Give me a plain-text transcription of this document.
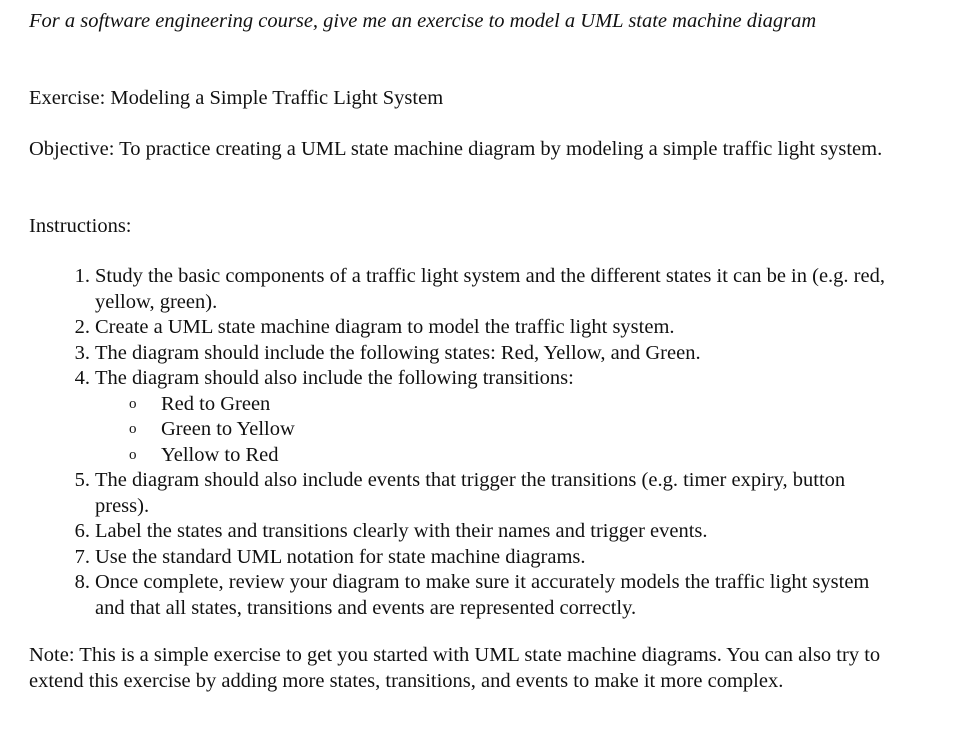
For a software engineering course, give me an exercise to model a UML state machine diagram

Exercise: Modeling a Simple Traffic Light System

Objective: To practice creating a UML state machine diagram by modeling a simple traffic light system.

Instructions:

1 . Study the basic components of a traffic light system and the different states it can be in (e.g. red, yellow, green).
2 . Create a UML state machine diagram to model the traffic light system.
3 . The diagram should include the following states: Red, Yellow, and Green.
4 . The diagram should also include the following transitions:
o Red to Green
o Green to Yellow
o Yellow to Red
5 . The diagram should also include events that trigger the transitions (e.g. timer expiry, button press).
6 . Label the states and transitions clearly with their names and trigger events.
7 . Use the standard UML notation for state machine diagrams.
8 . Once complete, review your diagram to make sure it accurately models the traffic light system and that all states, transitions and events are represented correctly.

Note: This is a simple exercise to get you started with UML state machine diagrams. You can also try to extend this exercise by adding more states, transitions, and events to make it more complex.
